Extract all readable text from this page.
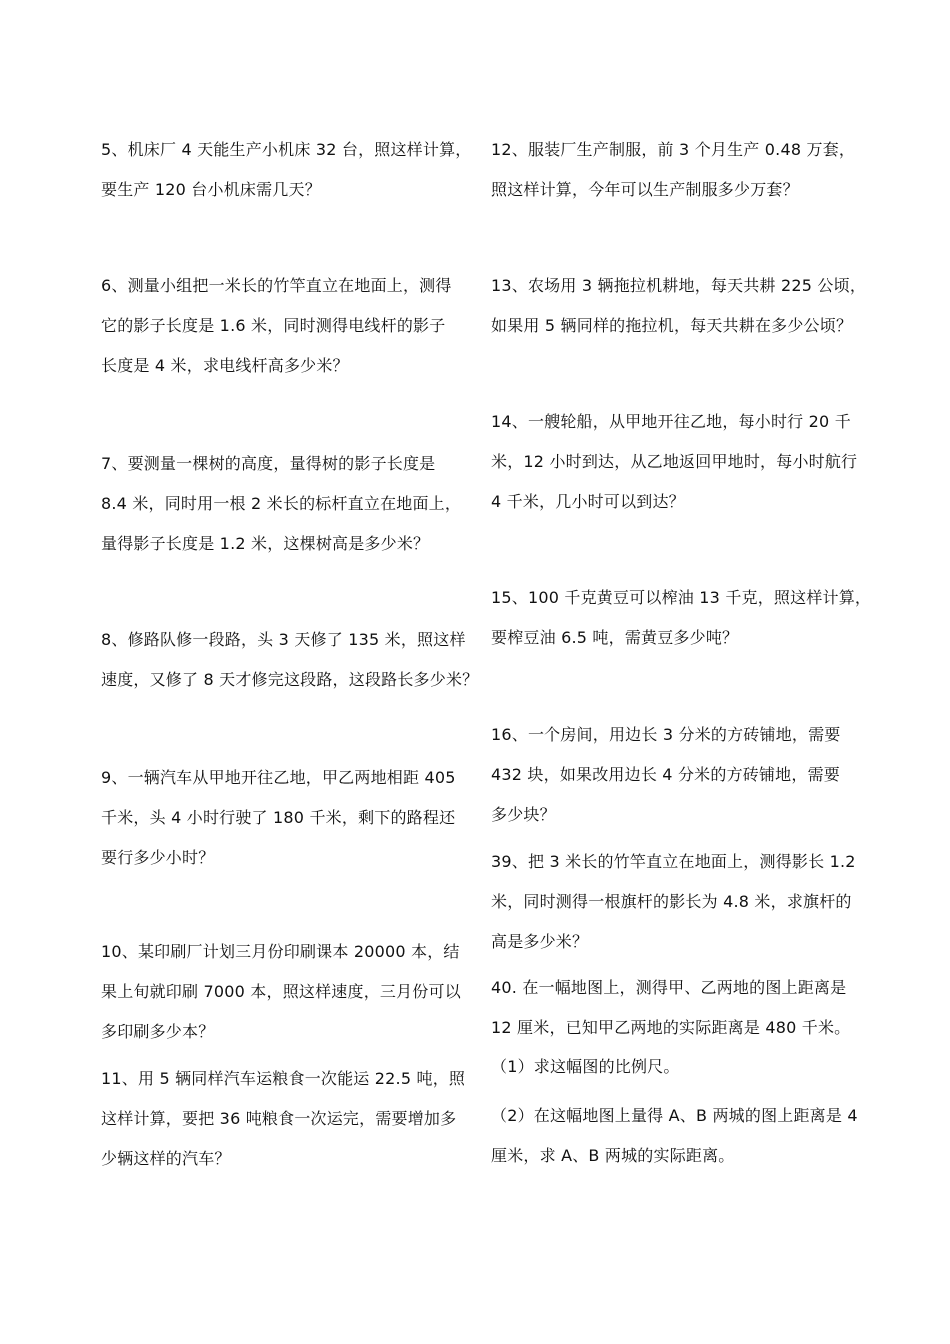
5、机床厂 4 天能生产小机床 32 台，照这样计算，
要生产 120 台小机床需几天？
6、测量小组把一米长的竹竿直立在地面上，测得
它的影子长度是 1.6 米，同时测得电线杆的影子
长度是 4 米，求电线杆高多少米？
7、要测量一棵树的高度，量得树的影子长度是
8.4 米，同时用一根 2 米长的标杆直立在地面上，
量得影子长度是 1.2 米，这棵树高是多少米？
8、修路队修一段路，头 3 天修了 135 米，照这样
速度，又修了 8 天才修完这段路，这段路长多少米？
9、一辆汽车从甲地开往乙地，甲乙两地相距 405
千米，头 4 小时行驶了 180 千米，剩下的路程还
要行多少小时？
10、某印刷厂计划三月份印刷课本 20000 本，结
果上旬就印刷 7000 本，照这样速度，三月份可以
多印刷多少本？
11、用 5 辆同样汽车运粮食一次能运 22.5 吨，照
这样计算，要把 36 吨粮食一次运完，需要增加多
少辆这样的汽车？
12、服装厂生产制服，前 3 个月生产 0.48 万套，
照这样计算，今年可以生产制服多少万套？
13、农场用 3 辆拖拉机耕地，每天共耕 225 公顷，
如果用 5 辆同样的拖拉机，每天共耕在多少公顷？
14、一艘轮船，从甲地开往乙地，每小时行 20 千
米，12 小时到达，从乙地返回甲地时，每小时航行
4 千米，几小时可以到达？
15、100 千克黄豆可以榨油 13 千克，照这样计算，
要榨豆油 6.5 吨，需黄豆多少吨？
16、一个房间，用边长 3 分米的方砖铺地，需要
432 块，如果改用边长 4 分米的方砖铺地，需要
多少块？
39、把 3 米长的竹竿直立在地面上，测得影长 1.2
米，同时测得一根旗杆的影长为 4.8 米，求旗杆的
高是多少米？
40. 在一幅地图上，测得甲、乙两地的图上距离是
12 厘米，已知甲乙两地的实际距离是 480 千米。
（1）求这幅图的比例尺。
（2）在这幅地图上量得 A、B 两城的图上距离是 4
厘米，求 A、B 两城的实际距离。
